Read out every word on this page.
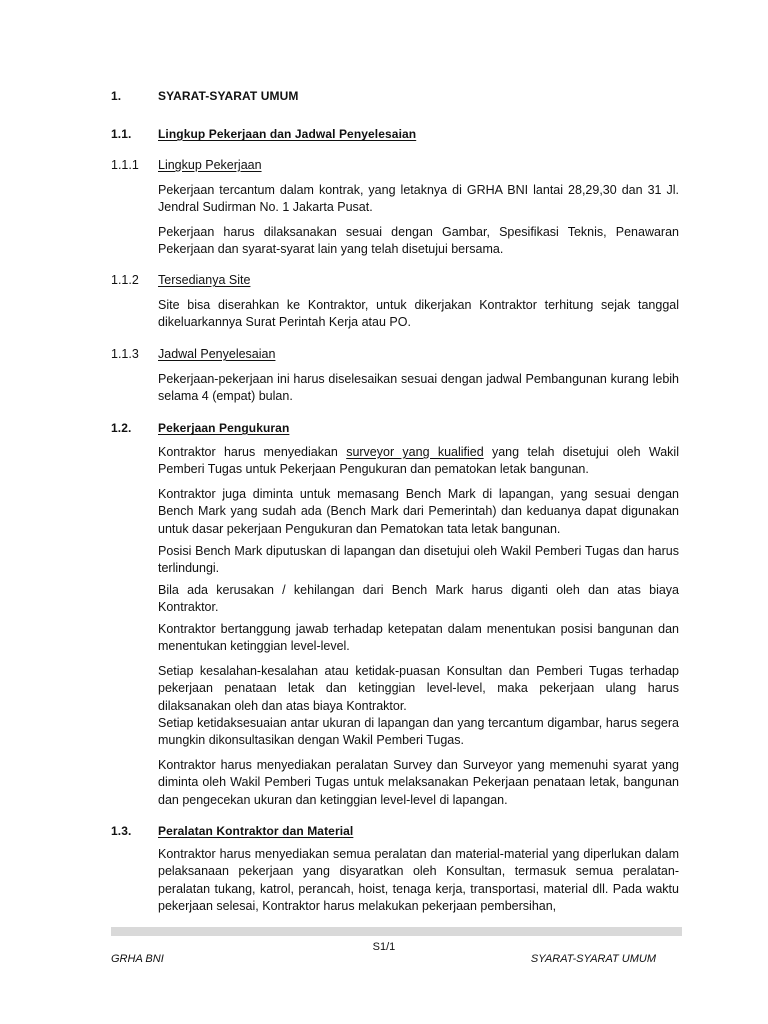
1.	SYARAT-SYARAT UMUM
1.1. Lingkup Pekerjaan dan Jadwal Penyelesaian
1.1.1 Lingkup Pekerjaan

Pekerjaan tercantum dalam kontrak, yang letaknya di GRHA BNI lantai 28,29,30 dan 31 Jl. Jendral Sudirman No. 1 Jakarta Pusat.

Pekerjaan harus dilaksanakan sesuai dengan Gambar, Spesifikasi Teknis, Penawaran Pekerjaan dan syarat-syarat lain yang telah disetujui bersama.

1.1.2 Tersedianya Site

Site bisa diserahkan ke Kontraktor, untuk dikerjakan Kontraktor terhitung sejak tanggal dikeluarkannya Surat Perintah Kerja atau PO.

1.1.3 Jadwal Penyelesaian

Pekerjaan-pekerjaan ini harus diselesaikan sesuai dengan jadwal Pembangunan kurang lebih selama 4 (empat) bulan.

1.2. Pekerjaan Pengukuran

Kontraktor harus menyediakan surveyor yang kualified yang telah disetujui oleh Wakil Pemberi Tugas untuk Pekerjaan Pengukuran dan pematokan letak bangunan.

Kontraktor juga diminta untuk memasang Bench Mark di lapangan, yang sesuai dengan Bench Mark yang sudah ada (Bench Mark dari Pemerintah) dan keduanya dapat digunakan untuk dasar pekerjaan Pengukuran dan Pematokan tata letak bangunan.

Posisi Bench Mark diputuskan di lapangan dan disetujui oleh Wakil Pemberi Tugas dan harus terlindungi.

Bila ada kerusakan / kehilangan dari Bench Mark harus diganti oleh dan atas biaya Kontraktor.

Kontraktor bertanggung jawab terhadap ketepatan dalam menentukan posisi bangunan dan menentukan ketinggian level-level.

Setiap kesalahan-kesalahan atau ketidak-puasan Konsultan dan Pemberi Tugas terhadap pekerjaan penataan letak dan ketinggian level-level, maka pekerjaan ulang harus dilaksanakan oleh dan atas biaya Kontraktor.

Setiap ketidaksesuaian antar ukuran di lapangan dan yang tercantum digambar, harus segera mungkin dikonsultasikan dengan Wakil Pemberi Tugas.

Kontraktor harus menyediakan peralatan Survey dan Surveyor yang memenuhi syarat yang diminta oleh Wakil Pemberi Tugas untuk melaksanakan Pekerjaan penataan letak, bangunan dan pengecekan ukuran dan ketinggian level-level di lapangan.

1.3. Peralatan Kontraktor dan Material

Kontraktor harus menyediakan semua peralatan dan material-material yang diperlukan dalam pelaksanaan pekerjaan yang disyaratkan oleh Konsultan, termasuk semua peralatan-peralatan tukang, katrol, perancah, hoist, tenaga kerja, transportasi, material dll. Pada waktu pekerjaan selesai, Kontraktor harus melakukan pekerjaan pembersihan,

S1/1
GRHA BNI	SYARAT-SYARAT UMUM
